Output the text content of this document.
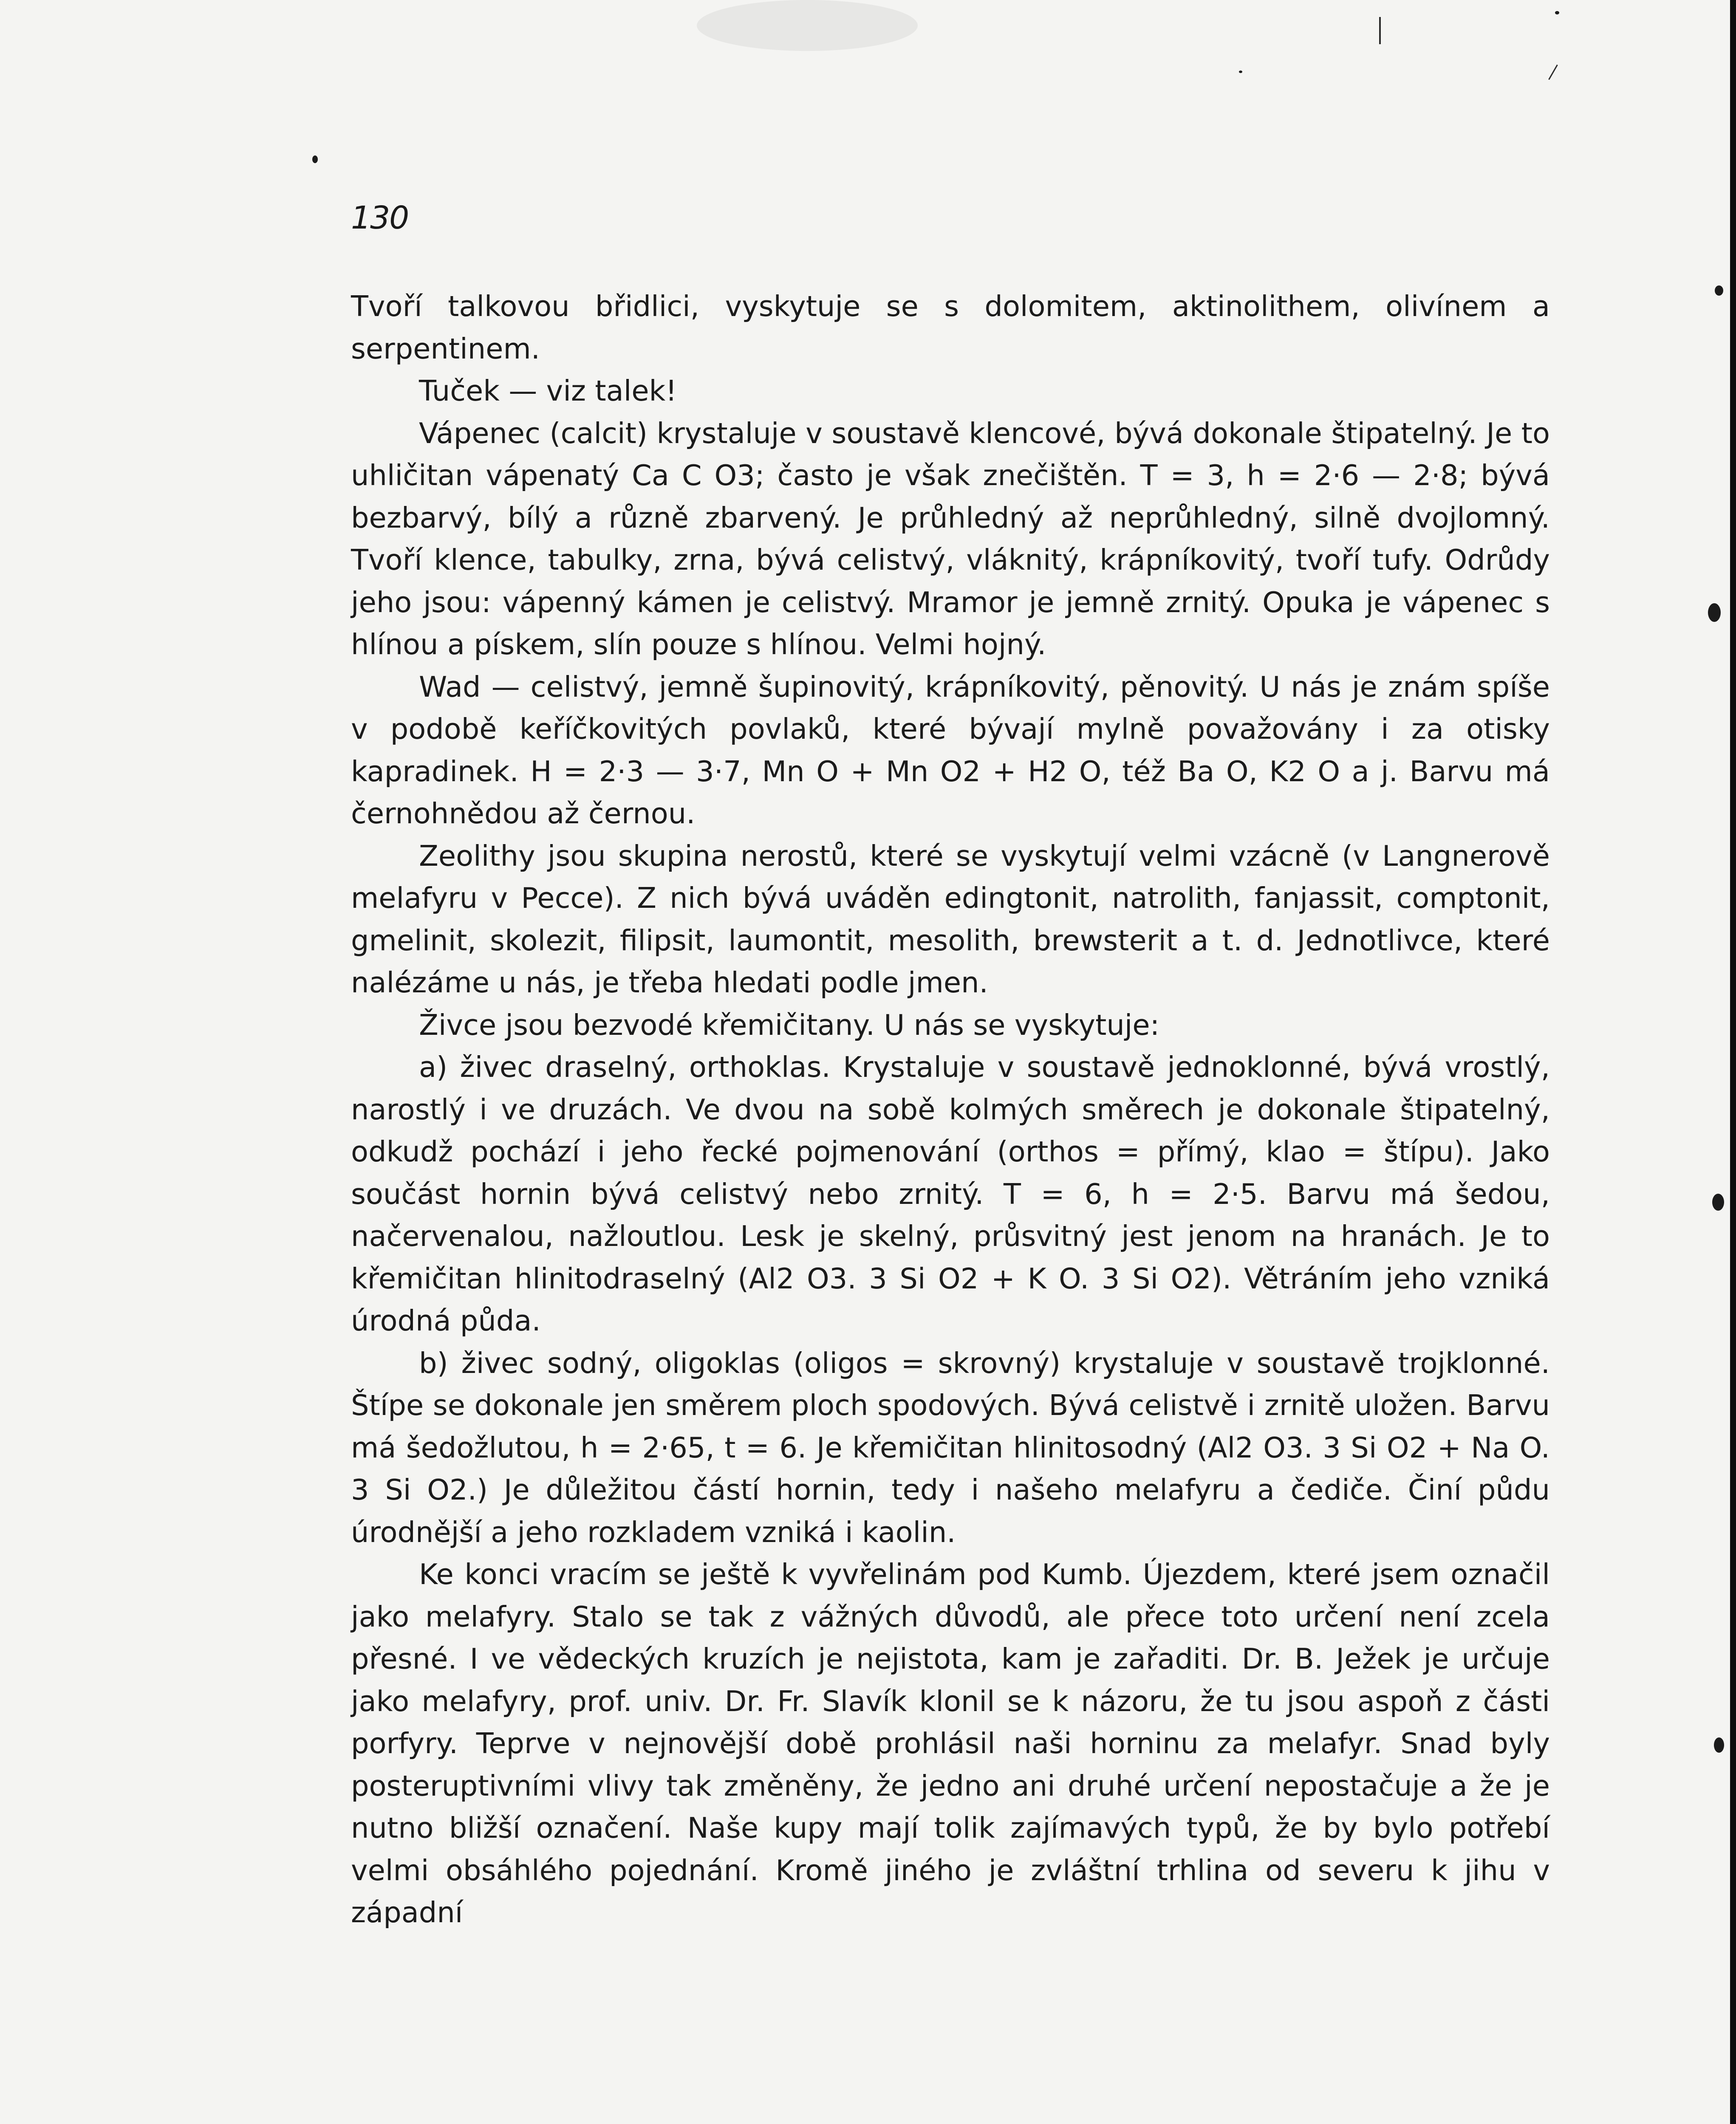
130

Tvoří talkovou břidlici, vyskytuje se s dolomitem, aktinolithem, olivínem a serpentinem.

Tuček — viz talek!

Vápenec (calcit) krystaluje v soustavě klencové, bývá dokonale štipatelný. Je to uhličitan vápenatý Ca C O3; často je však znečištěn. T = 3, h = 2·6 — 2·8; bývá bezbarvý, bílý a různě zbarvený. Je průhledný až neprůhledný, silně dvojlomný. Tvoří klence, tabulky, zrna, bývá celistvý, vláknitý, krápníkovitý, tvoří tufy. Odrůdy jeho jsou: vápenný kámen je celistvý. Mramor je jemně zrnitý. Opuka je vápenec s hlínou a pískem, slín pouze s hlínou. Velmi hojný.

Wad — celistvý, jemně šupinovitý, krápníkovitý, pěnovitý. U nás je znám spíše v podobě keříčkovitých povlaků, které bývají mylně považovány i za otisky kapradinek. H = 2·3 — 3·7, Mn O + Mn O2 + H2 O, též Ba O, K2 O a j. Barvu má černohnědou až černou.

Zeolithy jsou skupina nerostů, které se vyskytují velmi vzácně (v Langnerově melafyru v Pecce). Z nich bývá uváděn edingtonit, natrolith, fanjassit, comptonit, gmelinit, skolezit, filipsit, laumontit, mesolith, brewsterit a t. d. Jednotlivce, které nalézáme u nás, je třeba hledati podle jmen.

Živce jsou bezvodé křemičitany. U nás se vyskytuje:

a) živec draselný, orthoklas. Krystaluje v soustavě jednoklonné, bývá vrostlý, narostlý i ve druzách. Ve dvou na sobě kolmých směrech je dokonale štipatelný, odkudž pochází i jeho řecké pojmenování (orthos = přímý, klao = štípu). Jako součást hornin bývá celistvý nebo zrnitý. T = 6, h = 2·5. Barvu má šedou, načervenalou, nažloutlou. Lesk je skelný, průsvitný jest jenom na hranách. Je to křemičitan hlinitodraselný (Al2 O3. 3 Si O2 + K O. 3 Si O2). Větráním jeho vzniká úrodná půda.

b) živec sodný, oligoklas (oligos = skrovný) krystaluje v soustavě trojklonné. Štípe se dokonale jen směrem ploch spodových. Bývá celistvě i zrnitě uložen. Barvu má šedožlutou, h = 2·65, t = 6. Je křemičitan hlinitosodný (Al2 O3. 3 Si O2 + Na O. 3 Si O2.) Je důležitou částí hornin, tedy i našeho melafyru a čediče. Činí půdu úrodnější a jeho rozkladem vzniká i kaolin.

Ke konci vracím se ještě k vyvřelinám pod Kumb. Újezdem, které jsem označil jako melafyry. Stalo se tak z vážných důvodů, ale přece toto určení není zcela přesné. I ve vědeckých kruzích je nejistota, kam je zařaditi. Dr. B. Ježek je určuje jako melafyry, prof. univ. Dr. Fr. Slavík klonil se k názoru, že tu jsou aspoň z části porfyry. Teprve v nejnovější době prohlásil naši horninu za melafyr. Snad byly posteruptivními vlivy tak změněny, že jedno ani druhé určení nepostačuje a že je nutno bližší označení. Naše kupy mají tolik zajímavých typů, že by bylo potřebí velmi obsáhlého pojednání. Kromě jiného je zvláštní trhlina od severu k jihu v západní
